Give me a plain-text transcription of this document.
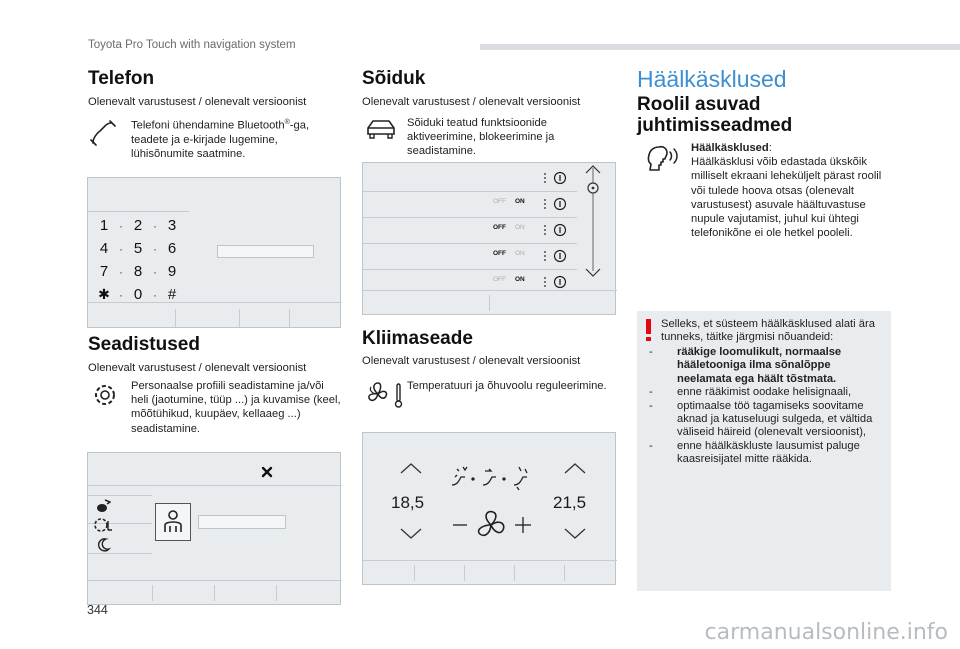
Toyota Pro Touch with navigation system
Telefon
Olenevalt varustusest / olenevalt versioonist
Telefoni ühendamine Bluetooth®-ga, teadete ja e-kirjade lugemine, lühisõnumite saatmine.
1 · 2 · 3
4 · 5 · 6
7 · 8 · 9
✱ · 0 · #
Seadistused
Olenevalt varustusest / olenevalt versioonist
Personaalse profiili seadistamine ja/või heli (jaotumine, tüüp ...) ja kuvamise (keel, mõõtühikud, kuupäev, kellaaeg ...) seadistamine.
Sõiduk
Olenevalt varustusest / olenevalt versioonist
Sõiduki teatud funktsioonide aktiveerimine, blokeerimine ja seadistamine.
OFF ON
OFF ON
OFF ON
OFF ON
Kliimaseade
Olenevalt varustusest / olenevalt versioonist
Temperatuuri ja õhuvoolu reguleerimine.
18,5	21,5
Häälkäsklused
Roolil asuvad juhtimisseadmed
Häälkäsklused:
Häälkäsklusi võib edastada ükskõik milliselt ekraani leheküljelt pärast roolil või tulede hoova otsas (olenevalt varustusest) asuvale häältuvastuse nupule vajutamist, juhul kui ühtegi telefonikõne ei ole hetkel pooleli.
Selleks, et süsteem häälkäsklused alati ära tunneks, täitke järgmisi nõuandeid:
-	rääkige loomulikult, normaalse hääletooniga ilma sõnalõppe neelamata ega häält tõstmata.
-	enne rääkimist oodake helisignaali,
-	optimaalse töö tagamiseks soovitame aknad ja katuseluugi sulgeda, et vältida väliseid häireid (olenevalt versioonist),
-	enne häälkäskluste lausumist paluge kaasreisijatel mitte rääkida.
344
carmanualsonline.info
